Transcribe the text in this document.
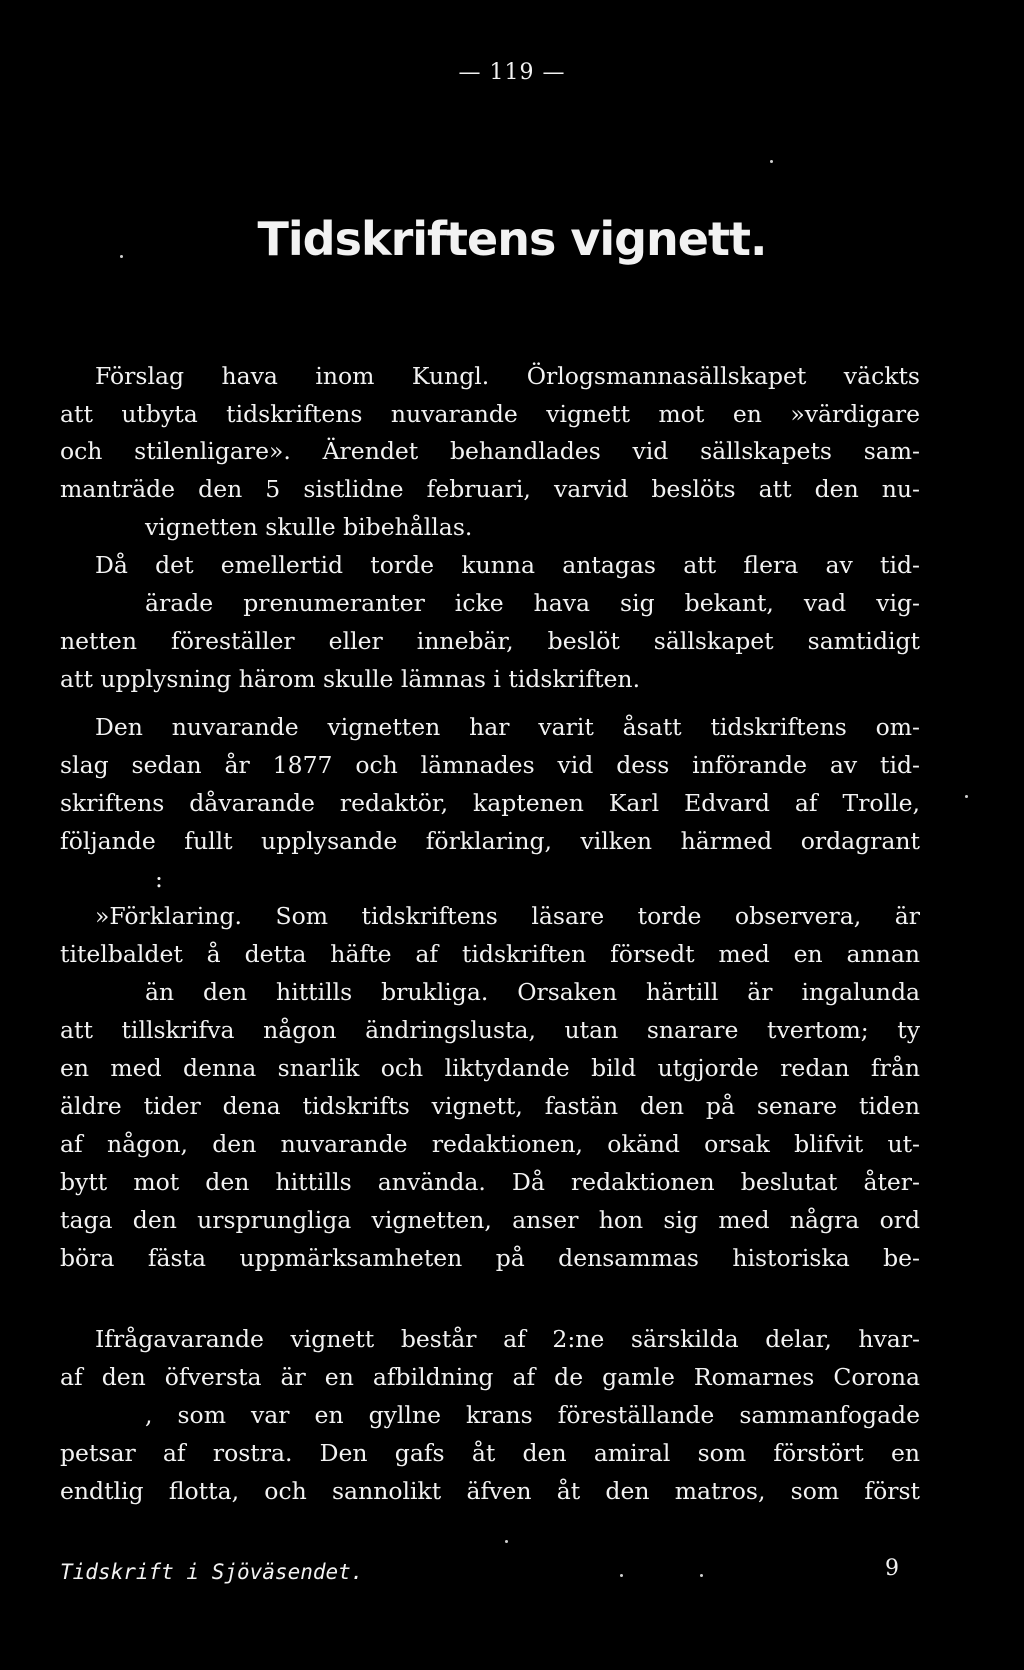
— 119 —
Tidskriftens vignett.
Förslag hava inom Kungl. Örlogsmannasällskapet väckts
att utbyta tidskriftens nuvarande vignett mot en »värdigare
och stilenligare». Ärendet behandlades vid sällskapets sam-
manträde den 5 sistlidne februari, varvid beslöts att den nu-
vignetten skulle bibehållas.
Då det emellertid torde kunna antagas att flera av tid-
ärade prenumeranter icke hava sig bekant, vad vig-
netten föreställer eller innebär, beslöt sällskapet samtidigt
att upplysning härom skulle lämnas i tidskriften.
Den nuvarande vignetten har varit åsatt tidskriftens om-
slag sedan år 1877 och lämnades vid dess införande av tid-
skriftens dåvarande redaktör, kaptenen Karl Edvard af Trolle,
följande fullt upplysande förklaring, vilken härmed ordagrant
:
»Förklaring. Som tidskriftens läsare torde observera, är
titelbaldet å detta häfte af tidskriften försedt med en annan
än den hittills brukliga. Orsaken härtill är ingalunda
att tillskrifva någon ändringslusta, utan snarare tvertom; ty
en med denna snarlik och liktydande bild utgjorde redan från
äldre tider dena tidskrifts vignett, fastän den på senare tiden
af någon, den nuvarande redaktionen, okänd orsak blifvit ut-
bytt mot den hittills använda. Då redaktionen beslutat åter-
taga den ursprungliga vignetten, anser hon sig med några ord
böra fästa uppmärksamheten på densammas historiska be-
Ifrågavarande vignett består af 2:ne särskilda delar, hvar-
af den öfversta är en afbildning af de gamle Romarnes Corona
, som var en gyllne krans föreställande sammanfogade
petsar af rostra. Den gafs åt den amiral som förstört en
endtlig flotta, och sannolikt äfven åt den matros, som först
Tidskrift i Sjöväsendet.	9
